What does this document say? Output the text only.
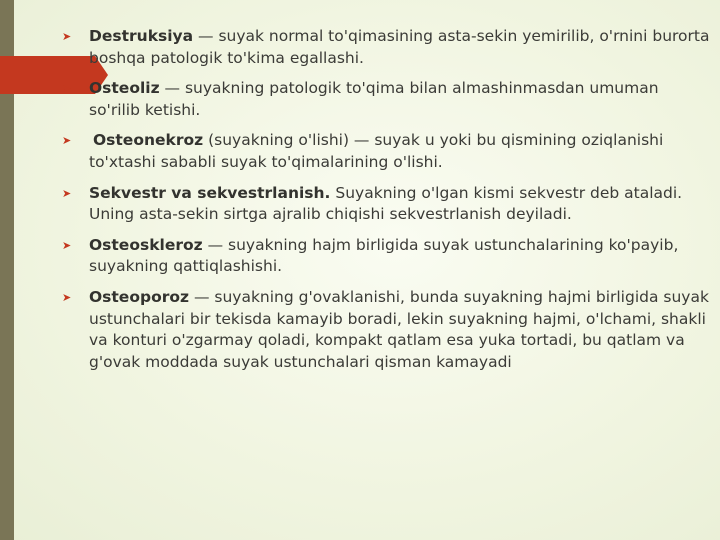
➤	Destruksiya — suyak normal to'qimasining asta-sekin yemirilib, o'rnini burorta boshqa patologik to'kima egallashi.
➤	Osteoliz — suyakning patologik to'qima bilan almashinmasdan umuman so'rilib ketishi.
➤	Osteonekroz (suyakning o'lishi) — suyak u yoki bu qismining oziqlanishi to'xtashi sababli suyak to'qimalarining o'lishi.
➤	Sekvestr va sekvestrlanish. Suyakning o'lgan kismi sekvestr deb ataladi. Uning asta-sekin sirtga ajralib chiqishi sekvestrlanish deyiladi.
➤	Osteoskleroz — suyakning hajm birligida suyak ustunchalarining ko'payib, suyakning qattiqlashishi.
➤	Osteoporoz — suyakning g'ovaklanishi, bunda suyakning hajmi birligida suyak ustunchalari bir tekisda kamayib boradi, lekin suyakning hajmi, o'lchami, shakli va konturi o'zgarmay qoladi, kompakt qatlam esa yuka tortadi, bu qatlam va g'ovak moddada suyak ustunchalari qisman kamayadi
